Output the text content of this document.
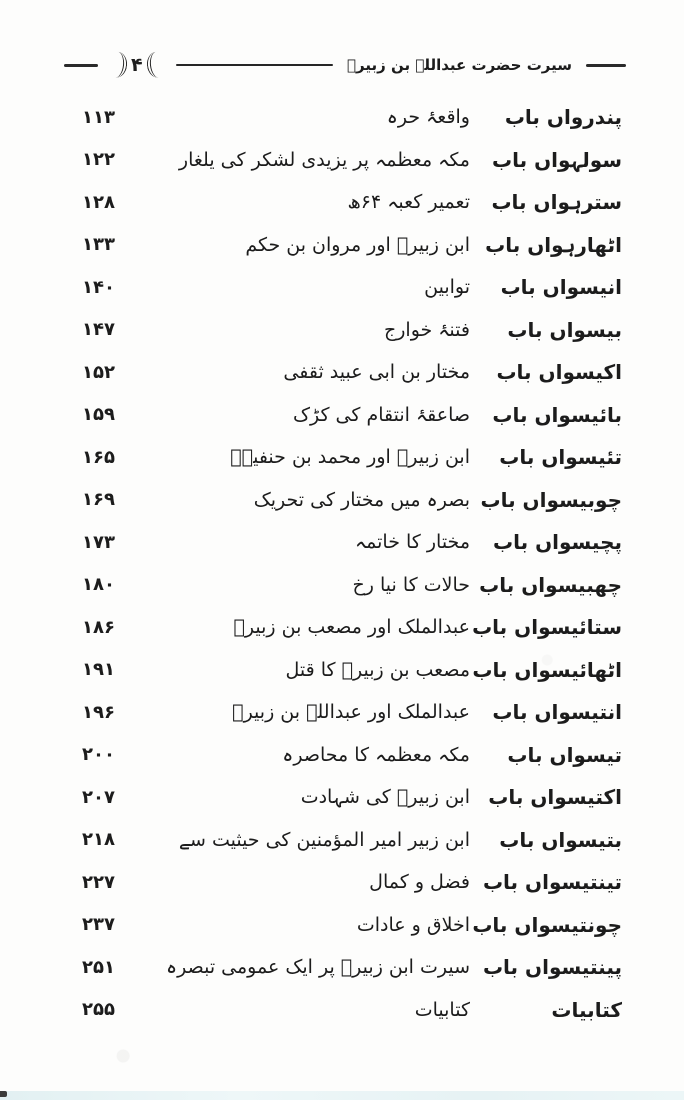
۴	سیرت حضرت عبداللہ بن زبیرؓ
پندرواں باب
واقعۂ حرہ
۱۱۳
سولہواں باب
مکہ معظمہ پر یزیدی لشکر کی یلغار
۱۲۲
سترہواں باب
تعمیر کعبہ ۶۴ھ
۱۲۸
اٹھارہواں باب
ابنِ زبیرؓ اور مروان بن حکم
۱۳۳
انیسواں باب
توابین
۱۴۰
بیسواں باب
فتنۂ خوارج
۱۴۷
اکیسواں باب
مختار بن ابی عبید ثقفی
۱۵۲
بائیسواں باب
صاعقۂ انتقام کی کڑک
۱۵۹
تئیسواں باب
ابنِ زبیرؓ اور محمد بن حنفیہؓ
۱۶۵
چوبیسواں باب
بصرہ میں مختار کی تحریک
۱۶۹
پچیسواں باب
مختار کا خاتمہ
۱۷۳
چھبیسواں باب
حالات کا نیا رخ
۱۸۰
ستائیسواں باب
عبدالملک اور مصعب بن زبیرؓ
۱۸۶
اٹھائیسواں باب
مصعب بن زبیرؓ کا قتل
۱۹۱
انتیسواں باب
عبدالملک اور عبداللہ بن زبیرؓ
۱۹۶
تیسواں باب
مکہ معظمہ کا محاصرہ
۲۰۰
اکتیسواں باب
ابنِ زبیرؓ کی شہادت
۲۰۷
بتیسواں باب
ابنِ زبیر امیر المؤمنین کی حیثیت سے
۲۱۸
تینتیسواں باب
فضل و کمال
۲۲۷
چونتیسواں باب
اخلاق و عادات
۲۳۷
پینتیسواں باب
سیرت ابنِ زبیرؓ پر ایک عمومی تبصرہ
۲۵۱
کتابیات
کتابیات
۲۵۵
